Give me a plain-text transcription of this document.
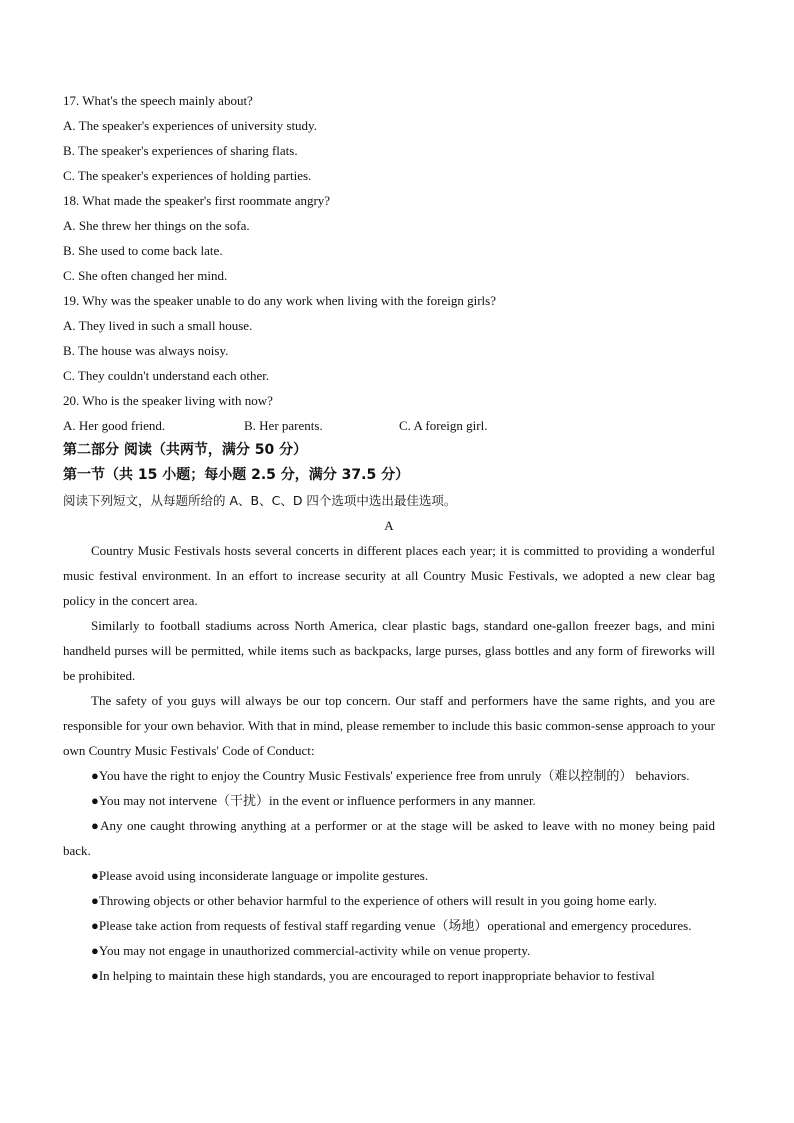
17. What's the speech mainly about?
A. The speaker's experiences of university study.
B. The speaker's experiences of sharing flats.
C. The speaker's experiences of holding parties.
18. What made the speaker's first roommate angry?
A. She threw her things on the sofa.
B. She used to come back late.
C. She often changed her mind.
19. Why was the speaker unable to do any work when living with the foreign girls?
A. They lived in such a small house.
B. The house was always noisy.
C. They couldn't understand each other.
20. Who is the speaker living with now?
A. Her good friend.	B. Her parents.	C. A foreign girl.
第二部分 阅读（共两节，满分 50 分）
第一节（共 15 小题；每小题 2.5 分，满分 37.5 分）
阅读下列短文，从每题所给的 A、B、C、D 四个选项中选出最佳选项。
A

Country Music Festivals hosts several concerts in different places each year; it is committed to providing a wonderful music festival environment. In an effort to increase security at all Country Music Festivals, we adopted a new clear bag policy in the concert area.

Similarly to football stadiums across North America, clear plastic bags, standard one-gallon freezer bags, and mini handheld purses will be permitted, while items such as backpacks, large purses, glass bottles and any form of fireworks will be prohibited.

The safety of you guys will always be our top concern. Our staff and performers have the same rights, and you are responsible for your own behavior. With that in mind, please remember to include this basic common-sense approach to your own Country Music Festivals' Code of Conduct:

●You have the right to enjoy the Country Music Festivals' experience free from unruly（难以控制的） behaviors.

●You may not intervene（干扰）in the event or influence performers in any manner.

●Any one caught throwing anything at a performer or at the stage will be asked to leave with no money being paid back.

●Please avoid using inconsiderate language or impolite gestures.

●Throwing objects or other behavior harmful to the experience of others will result in you going home early.

●Please take action from requests of festival staff regarding venue（场地）operational and emergency procedures.

●You may not engage in unauthorized commercial-activity while on venue property.

●In helping to maintain these high standards, you are encouraged to report inappropriate behavior to festival
